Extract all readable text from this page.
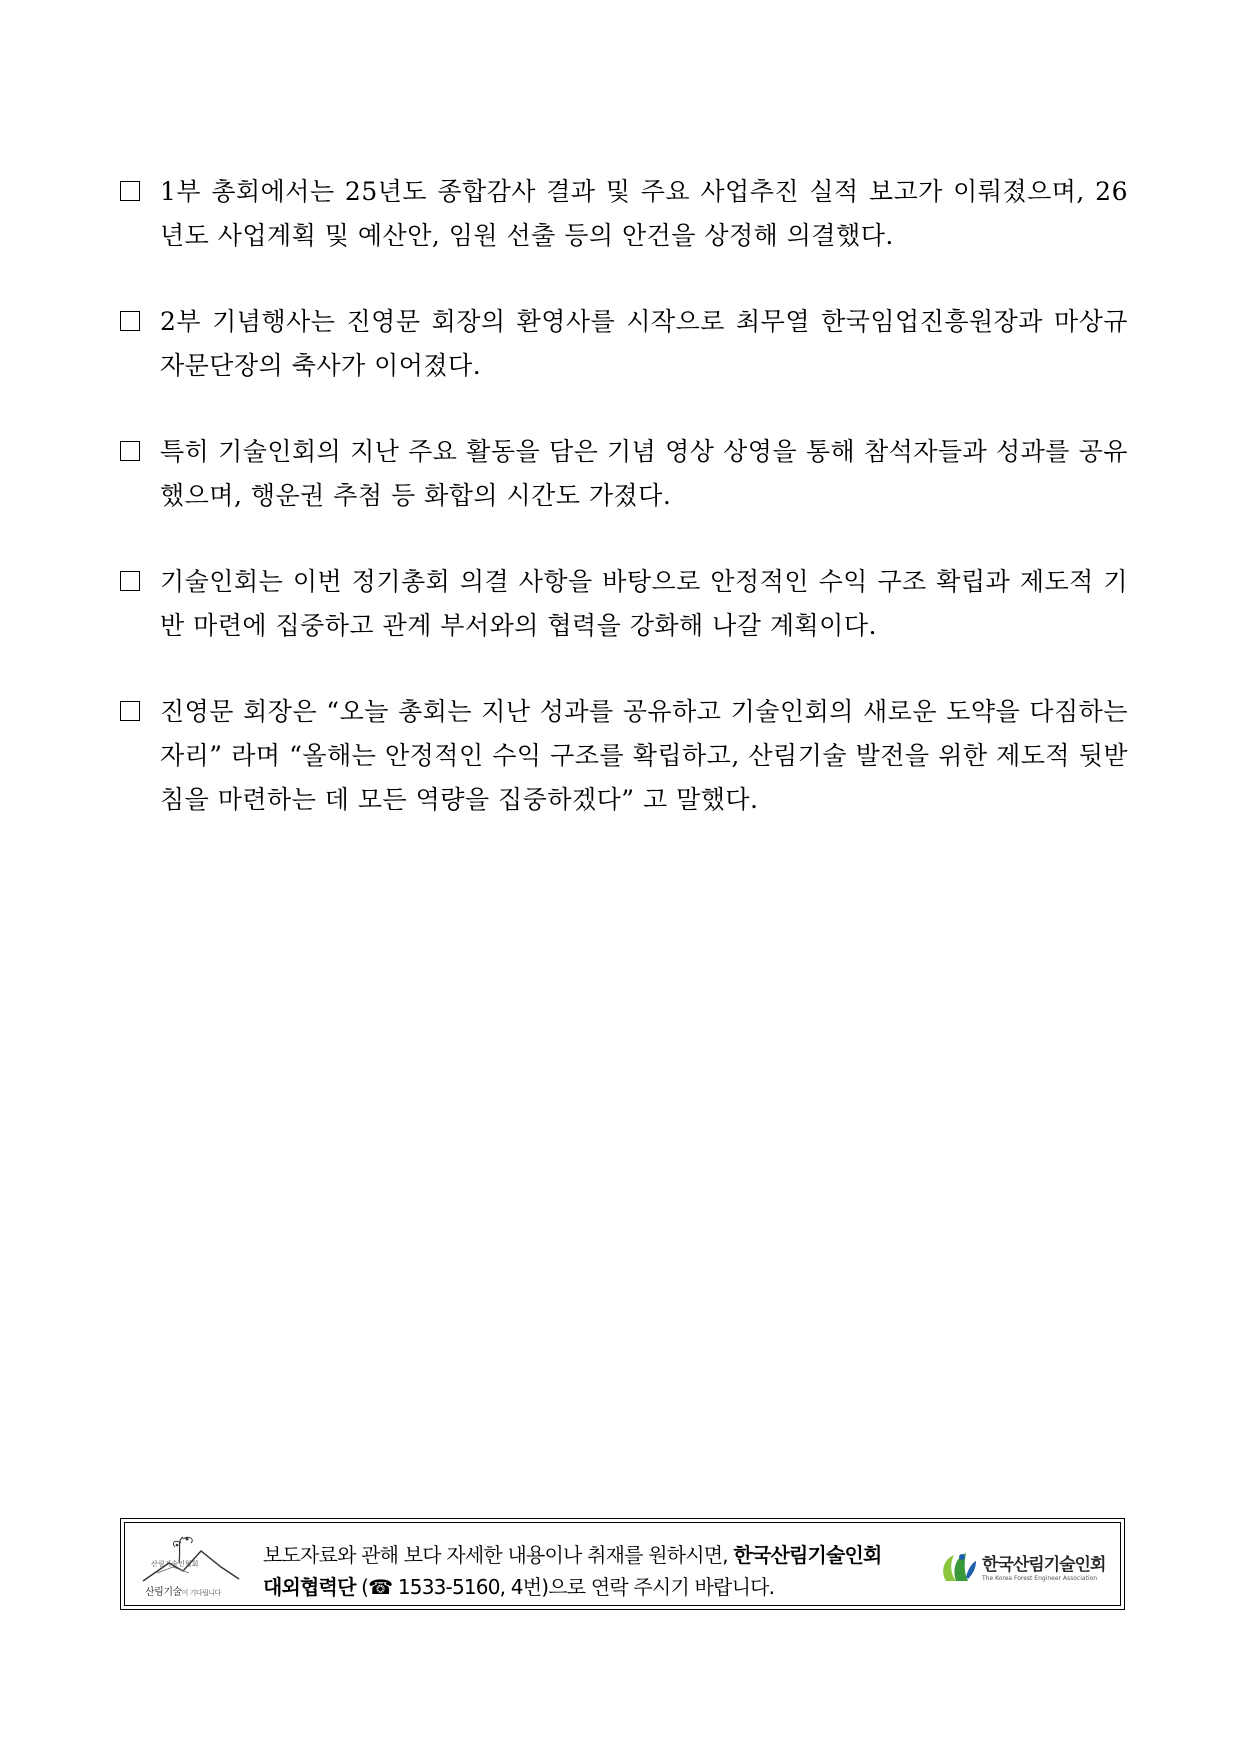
1부 총회에서는 25년도 종합감사 결과 및 주요 사업추진 실적 보고가 이뤄졌으며, 26년도 사업계획 및 예산안, 임원 선출 등의 안건을 상정해 의결했다.

2부 기념행사는 진영문 회장의 환영사를 시작으로 최무열 한국임업진흥원장과 마상규 자문단장의 축사가 이어졌다.

특히 기술인회의 지난 주요 활동을 담은 기념 영상 상영을 통해 참석자들과 성과를 공유했으며, 행운권 추첨 등 화합의 시간도 가졌다.

기술인회는 이번 정기총회 의결 사항을 바탕으로 안정적인 수익 구조 확립과 제도적 기반 마련에 집중하고 관계 부서와의 협력을 강화해 나갈 계획이다.

진영문 회장은 “오늘 총회는 지난 성과를 공유하고 기술인회의 새로운 도약을 다짐하는 자리” 라며 “올해는 안정적인 수익 구조를 확립하고, 산림기술 발전을 위한 제도적 뒷받침을 마련하는 데 모든 역량을 집중하겠다” 고 말했다.

산림기술인협회
산림기술이 기다립니다
보도자료와 관해 보다 자세한 내용이나 취재를 원하시면, 한국산림기술인회
대외협력단 (☎ 1533-5160, 4번)으로 연락 주시기 바랍니다.
한국산림기술인회
The Korea Forest Engineer Association
